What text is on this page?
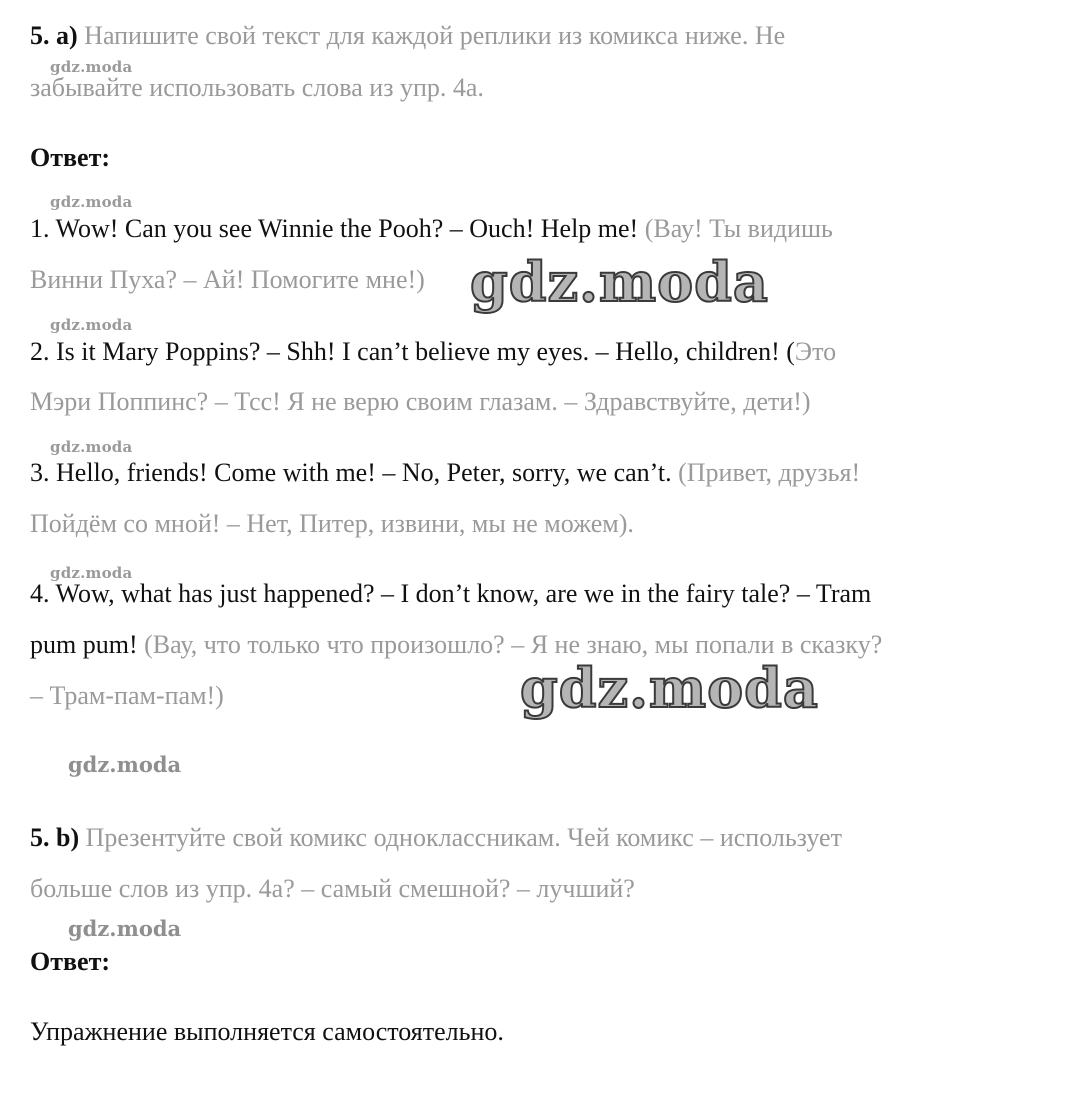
5. a) Напишите свой текст для каждой реплики из комикса ниже. Не
gdz.moda
забывайте использовать слова из упр. 4а.
Ответ:
gdz.moda
1. Wow! Can you see Winnie the Pooh? – Ouch! Help me! (Вау! Ты видишь
Винни Пуха? – Ай! Помогите мне!) gdz.moda
gdz.moda
2. Is it Mary Poppins? – Shh! I can’t believe my eyes. – Hello, children! (Это
Мэри Поппинс? – Тсс! Я не верю своим глазам. – Здравствуйте, дети!)
gdz.moda
3. Hello, friends! Come with me! – No, Peter, sorry, we can’t. (Привет, друзья!
Пойдём со мной! – Нет, Питер, извини, мы не можем).
gdz.moda
4. Wow, what has just happened? – I don’t know, are we in the fairy tale? – Tram
pum pum! (Вау, что только что произошло? – Я не знаю, мы попали в сказку?
– Трам-пам-пам!)	gdz.moda
gdz.moda
5. b) Презентуйте свой комикс одноклассникам. Чей комикс – использует
больше слов из упр. 4а? – самый смешной? – лучший?
gdz.moda
Ответ:
Упражнение выполняется самостоятельно.
